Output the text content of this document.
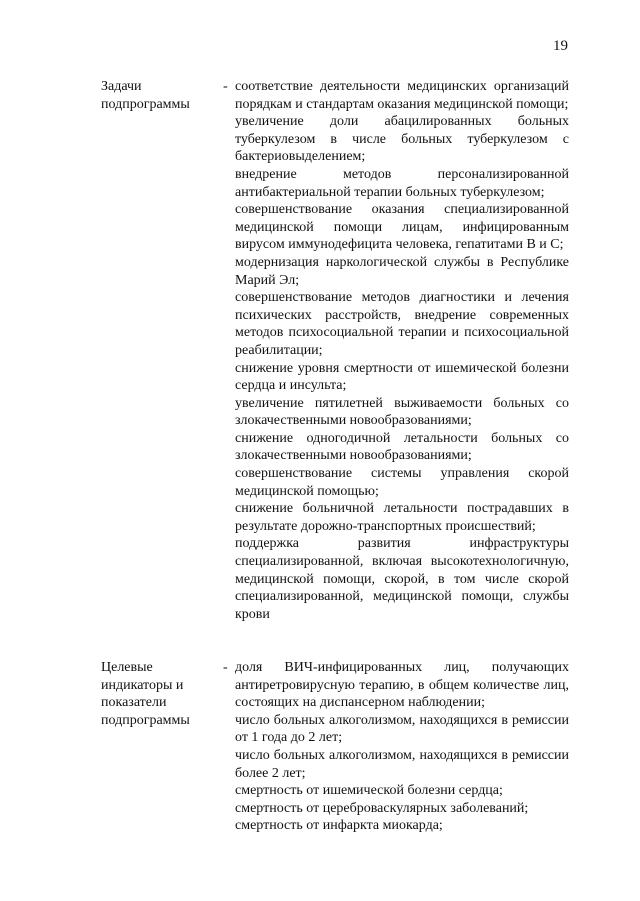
19
Задачи подпрограммы
- соответствие деятельности медицинских организаций порядкам и стандартам оказания медицинской помощи;

увеличение доли абацилированных больных туберкулезом в числе больных туберкулезом с бактериовыделением;

внедрение методов персонализированной антибактериальной терапии больных туберкулезом;

совершенствование оказания специализированной медицинской помощи лицам, инфицированным вирусом иммунодефицита человека, гепатитами B и C;

модернизация наркологической службы в Республике Марий Эл;

совершенствование методов диагностики и лечения психических расстройств, внедрение современных методов психосоциальной терапии и психосоциальной реабилитации;

снижение уровня смертности от ишемической болезни сердца и инсульта;

увеличение пятилетней выживаемости больных со злокачественными новообразованиями;

снижение одногодичной летальности больных со злокачественными новообразованиями;

совершенствование системы управления скорой медицинской помощью;

снижение больничной летальности пострадавших в результате дорожно-транспортных происшествий;

поддержка развития инфраструктуры специализированной, включая высокотехнологичную, медицинской помощи, скорой, в том числе скорой специализированной, медицинской помощи, службы крови

Целевые индикаторы и показатели подпрограммы
- доля ВИЧ-инфицированных лиц, получающих антиретровирусную терапию, в общем количестве лиц, состоящих на диспансерном наблюдении;

число больных алкоголизмом, находящихся в ремиссии от 1 года до 2 лет;

число больных алкоголизмом, находящихся в ремиссии более 2 лет;

смертность от ишемической болезни сердца;

смертность от цереброваскулярных заболеваний;

смертность от инфаркта миокарда;
